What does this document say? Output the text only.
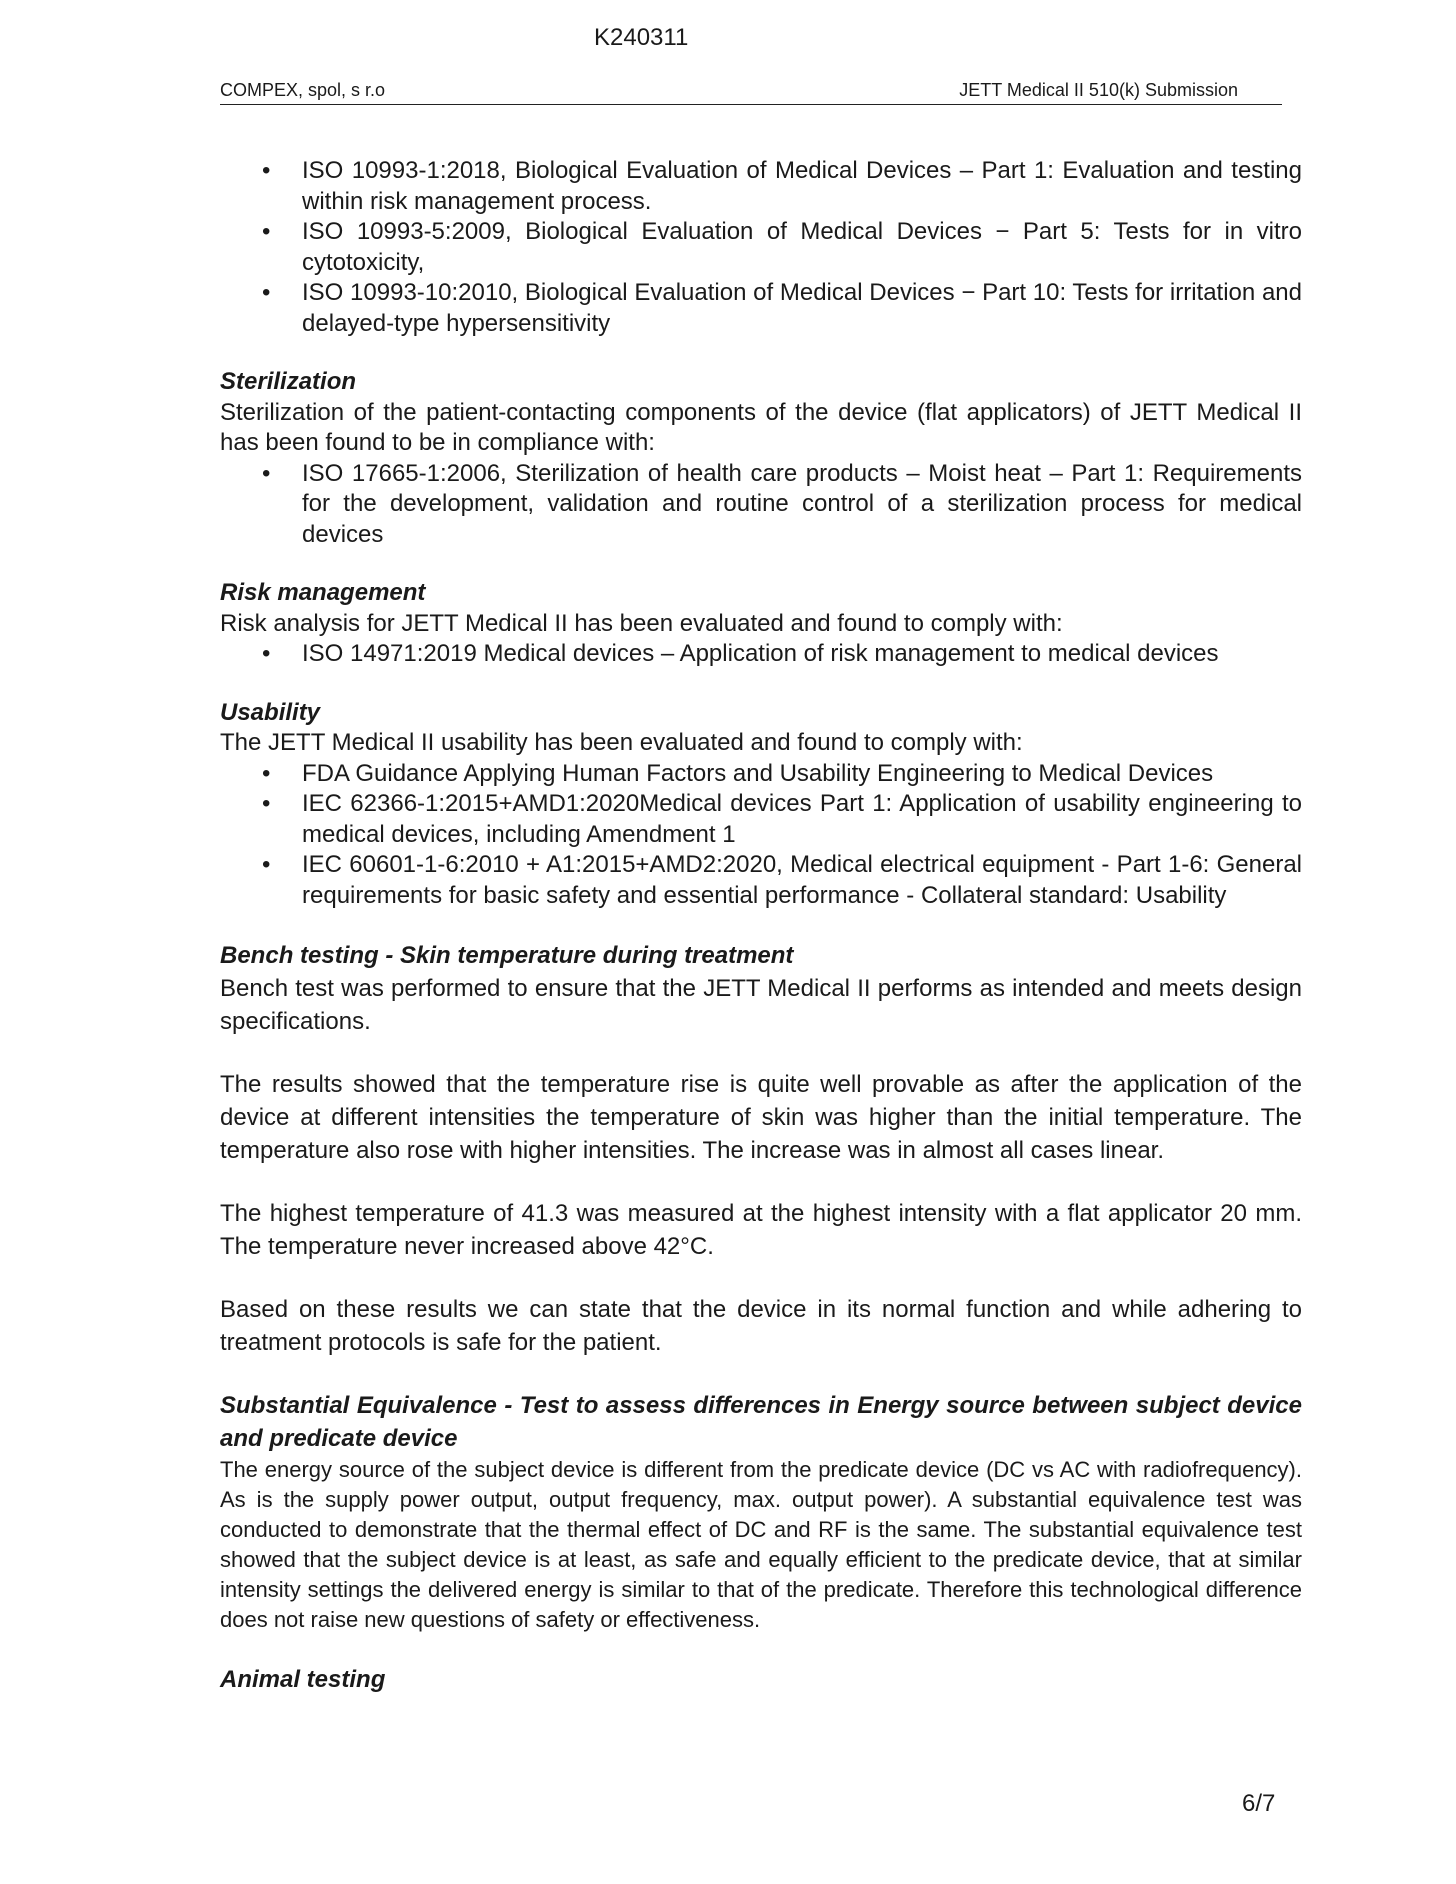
K240311
COMPEX, spol, s r.o	JETT Medical II 510(k) Submission
• ISO 10993-1:2018, Biological Evaluation of Medical Devices – Part 1: Evaluation and testing within risk management process.
• ISO 10993-5:2009, Biological Evaluation of Medical Devices − Part 5: Tests for in vitro cytotoxicity,
• ISO 10993-10:2010, Biological Evaluation of Medical Devices − Part 10: Tests for irritation and delayed-type hypersensitivity

Sterilization

Sterilization of the patient-contacting components of the device (flat applicators) of JETT Medical II has been found to be in compliance with:

• ISO 17665-1:2006, Sterilization of health care products – Moist heat – Part 1: Requirements for the development, validation and routine control of a sterilization process for medical devices

Risk management

Risk analysis for JETT Medical II has been evaluated and found to comply with:

• ISO 14971:2019 Medical devices – Application of risk management to medical devices

Usability

The JETT Medical II usability has been evaluated and found to comply with:

• FDA Guidance Applying Human Factors and Usability Engineering to Medical Devices
• IEC 62366-1:2015+AMD1:2020Medical devices Part 1: Application of usability engineering to medical devices, including Amendment 1
• IEC 60601-1-6:2010 + A1:2015+AMD2:2020, Medical electrical equipment - Part 1-6: General requirements for basic safety and essential performance - Collateral standard: Usability

Bench testing - Skin temperature during treatment

Bench test was performed to ensure that the JETT Medical II performs as intended and meets design specifications.

The results showed that the temperature rise is quite well provable as after the application of the device at different intensities the temperature of skin was higher than the initial temperature. The temperature also rose with higher intensities. The increase was in almost all cases linear.

The highest temperature of 41.3 was measured at the highest intensity with a flat applicator 20 mm. The temperature never increased above 42°C.

Based on these results we can state that the device in its normal function and while adhering to treatment protocols is safe for the patient.

Substantial Equivalence - Test to assess differences in Energy source between subject device and predicate device

The energy source of the subject device is different from the predicate device (DC vs AC with radiofrequency). As is the supply power output, output frequency, max. output power). A substantial equivalence test was conducted to demonstrate that the thermal effect of DC and RF is the same. The substantial equivalence test showed that the subject device is at least, as safe and equally efficient to the predicate device, that at similar intensity settings the delivered energy is similar to that of the predicate. Therefore this technological difference does not raise new questions of safety or effectiveness.

Animal testing

6/7
